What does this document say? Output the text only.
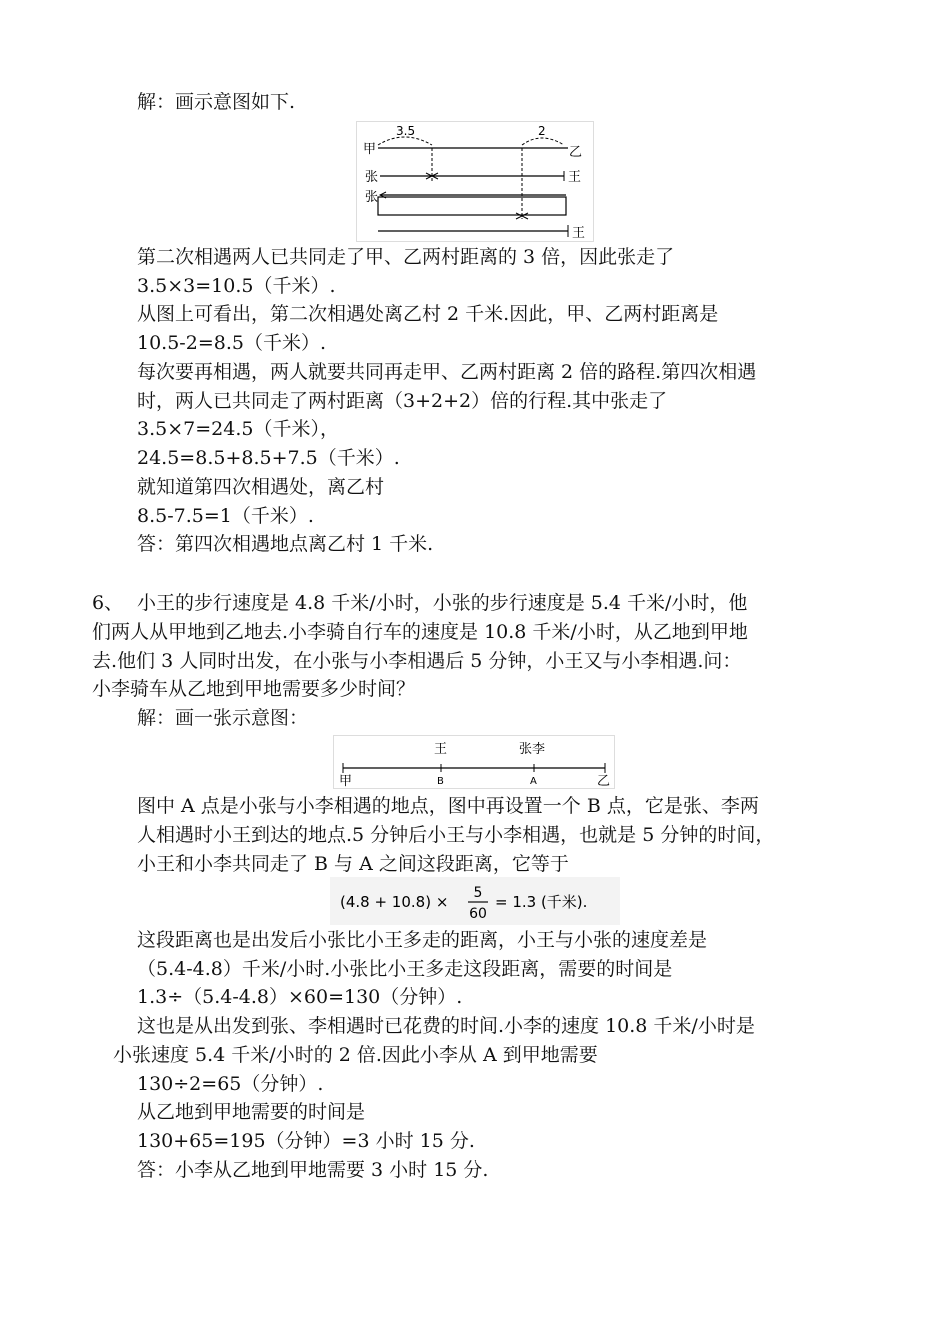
解：画示意图如下.
甲	乙
3.5	2
张	王
张
王
第二次相遇两人已共同走了甲、乙两村距离的 3 倍，因此张走了
3.5×3=10.5（千米）.
从图上可看出，第二次相遇处离乙村 2 千米.因此，甲、乙两村距离是
10.5-2=8.5（千米）.
每次要再相遇，两人就要共同再走甲、乙两村距离 2 倍的路程.第四次相遇
时，两人已共同走了两村距离（3+2+2）倍的行程.其中张走了
3.5×7=24.5（千米），
24.5=8.5+8.5+7.5（千米）.
就知道第四次相遇处，离乙村
8.5-7.5=1（千米）.
答：第四次相遇地点离乙村 1 千米.
6、 小王的步行速度是 4.8 千米/小时，小张的步行速度是 5.4 千米/小时，他
们两人从甲地到乙地去.小李骑自行车的速度是 10.8 千米/小时，从乙地到甲地
去.他们 3 人同时出发，在小张与小李相遇后 5 分钟，小王又与小李相遇.问：
小李骑车从乙地到甲地需要多少时间？
解：画一张示意图：
王	张李
甲	B	A	乙
图中 A 点是小张与小李相遇的地点，图中再设置一个 B 点，它是张、李两
人相遇时小王到达的地点.5 分钟后小王与小李相遇，也就是 5 分钟的时间，
小王和小李共同走了 B 与 A 之间这段距离，它等于
(4.8 + 10.8) × 5
60
= 1.3 (千米).
这段距离也是出发后小张比小王多走的距离，小王与小张的速度差是
（5.4-4.8）千米/小时.小张比小王多走这段距离，需要的时间是
1.3÷（5.4-4.8）×60=130（分钟）.
这也是从出发到张、李相遇时已花费的时间.小李的速度 10.8 千米/小时是
小张速度 5.4 千米/小时的 2 倍.因此小李从 A 到甲地需要
130÷2=65（分钟）.
从乙地到甲地需要的时间是
130+65=195（分钟）=3 小时 15 分.
答：小李从乙地到甲地需要 3 小时 15 分.
